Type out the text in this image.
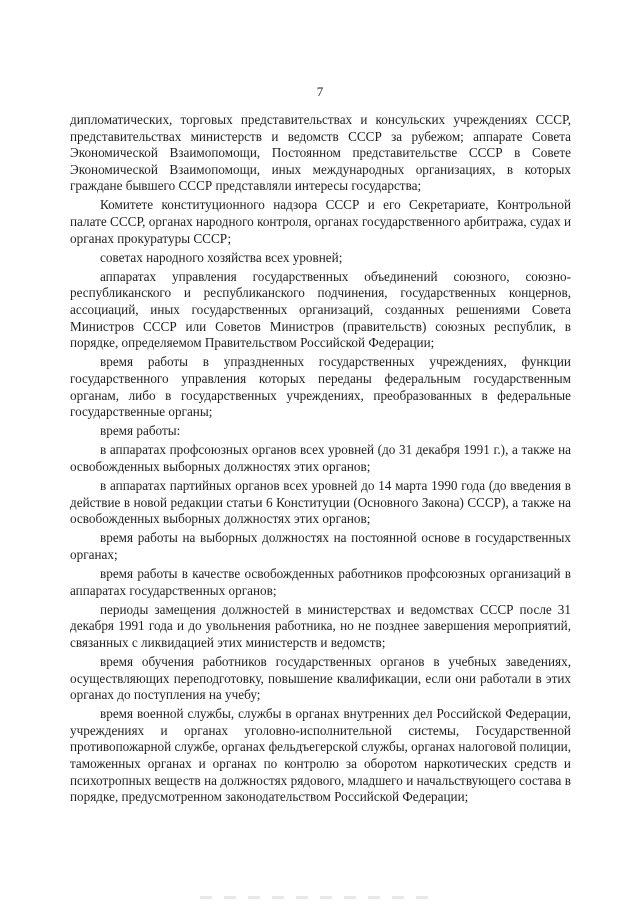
7

дипломатических, торговых представительствах и консульских учреждениях СССР, представительствах министерств и ведомств СССР за рубежом; аппарате Совета Экономической Взаимопомощи, Постоянном представительстве СССР в Совете Экономической Взаимопомощи, иных международных организациях, в которых граждане бывшего СССР представляли интересы государства;

Комитете конституционного надзора СССР и его Секретариате, Контрольной палате СССР, органах народного контроля, органах государственного арбитража, судах и органах прокуратуры СССР;

советах народного хозяйства всех уровней;

аппаратах управления государственных объединений союзного, союзно-республиканского и республиканского подчинения, государственных концернов, ассоциаций, иных государственных организаций, созданных решениями Совета Министров СССР или Советов Министров (правительств) союзных республик, в порядке, определяемом Правительством Российской Федерации;

время работы в упраздненных государственных учреждениях, функции государственного управления которых переданы федеральным государственным органам, либо в государственных учреждениях, преобразованных в федеральные государственные органы;

время работы:

в аппаратах профсоюзных органов всех уровней (до 31 декабря 1991 г.), а также на освобожденных выборных должностях этих органов;

в аппаратах партийных органов всех уровней до 14 марта 1990 года (до введения в действие в новой редакции статьи 6 Конституции (Основного Закона) СССР), а также на освобожденных выборных должностях этих органов;

время работы на выборных должностях на постоянной основе в государственных органах;

время работы в качестве освобожденных работников профсоюзных организаций в аппаратах государственных органов;

периоды замещения должностей в министерствах и ведомствах СССР после 31 декабря 1991 года и до увольнения работника, но не позднее завершения мероприятий, связанных с ликвидацией этих министерств и ведомств;

время обучения работников государственных органов в учебных заведениях, осуществляющих переподготовку, повышение квалификации, если они работали в этих органах до поступления на учебу;

время военной службы, службы в органах внутренних дел Российской Федерации, учреждениях и органах уголовно-исполнительной системы, Государственной противопожарной службе, органах фельдъегерской службы, органах налоговой полиции, таможенных органах и органах по контролю за оборотом наркотических средств и психотропных веществ на должностях рядового, младшего и начальствующего состава в порядке, предусмотренном законодательством Российской Федерации;
